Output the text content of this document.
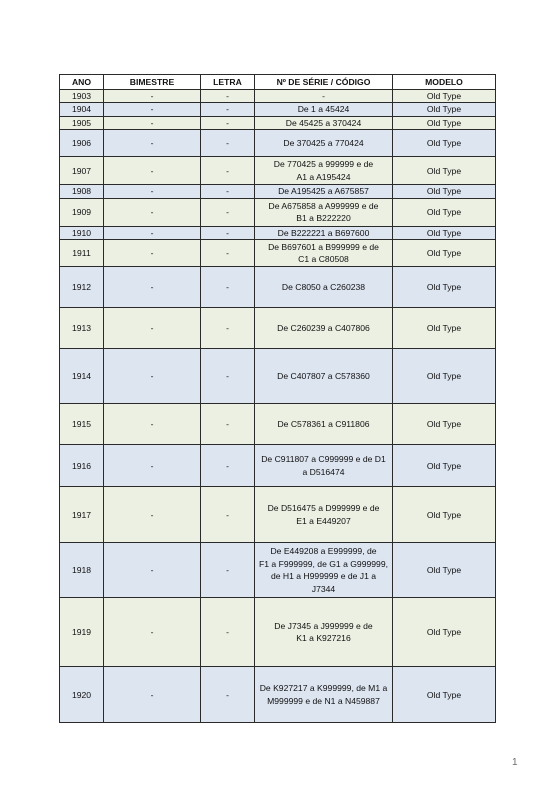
ANO	BIMESTRE	LETRA	Nº DE SÉRIE / CÓDIGO	MODELO
1903	-	-	-	Old Type
1904	-	-	De 1 a 45424	Old Type
1905	-	-	De 45425 a 370424	Old Type
1906	-	-	De 370425 a 770424	Old Type
1907	-	-	De 770425 a 999999 e de
A1 a A195424	Old Type
1908	-	-	De A195425 a A675857	Old Type
1909	-	-	De A675858 a A999999 e de
B1 a B222220	Old Type
1910	-	-	De B222221 a B697600	Old Type
1911	-	-	De B697601 a B999999 e de
C1 a C80508	Old Type
1912	-	-	De C8050 a C260238	Old Type
1913	-	-	De C260239 a C407806	Old Type
1914	-	-	De C407807 a C578360	Old Type
1915	-	-	De C578361 a C911806	Old Type
1916	-	-	De C911807 a C999999 e de D1
a D516474	Old Type
1917	-	-	De D516475 a D999999 e de
E1 a E449207	Old Type
1918	-	-	De E449208 a E999999, de
F1 a F999999, de G1 a G999999,
de H1 a H999999 e de J1 a J7344	Old Type
1919	-	-	De J7345 a J999999 e de
K1 a K927216	Old Type
1920	-	-	De K927217 a K999999, de M1 a
M999999 e de N1 a N459887	Old Type
1
